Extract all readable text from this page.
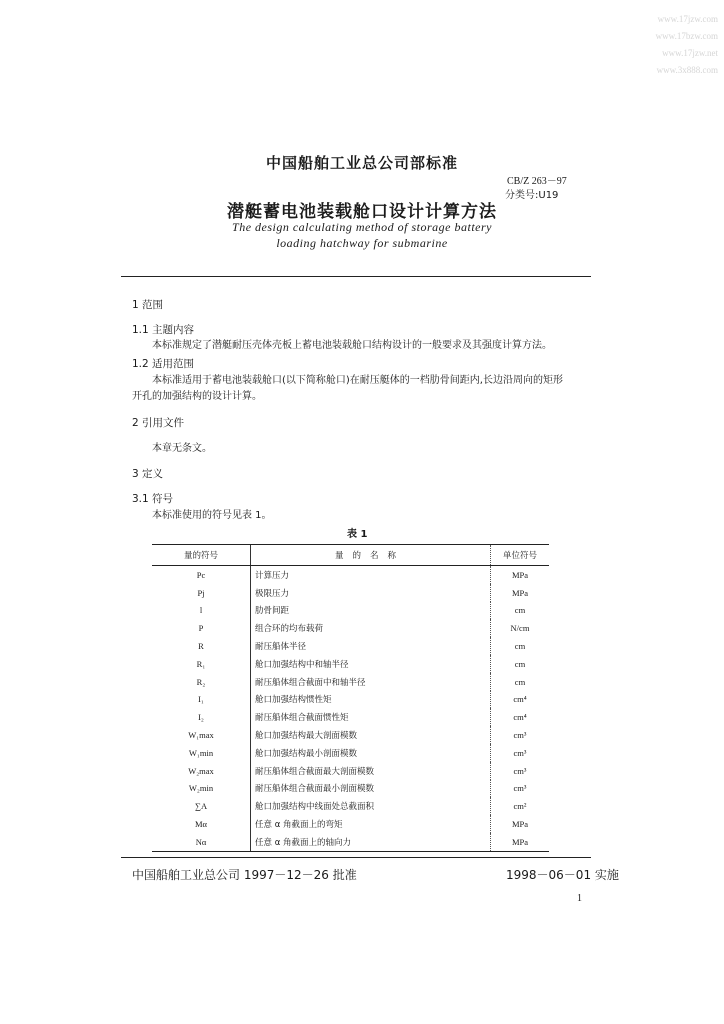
www.17jzw.com
www.17bzw.com
www.17jzw.net
www.3x888.com
中国船舶工业总公司部标准
CB/Z 263－97
分类号:U19
潜艇蓄电池装载舱口设计计算方法
The design calculating method of storage battery
loading hatchway for submarine
1 范围
1.1 主题内容
本标准规定了潜艇耐压壳体壳板上蓄电池装载舱口结构设计的一般要求及其强度计算方法。
1.2 适用范围
本标准适用于蓄电池装载舱口(以下简称舱口)在耐压艇体的一档肋骨间距内,长边沿周向的矩形
开孔的加强结构的设计计算。
2 引用文件
本章无条文。
3 定义
3.1 符号
本标准使用的符号见表 1。
表 1
量的符号	量的名称	单位符号
Pc	计算压力	MPa
Pj	极限压力	MPa
l	肋骨间距	cm
P	组合环的均布载荷	N/cm
R	耐压船体半径	cm
R₁	舱口加强结构中和轴半径	cm
R₂	耐压船体组合截面中和轴半径	cm
I₁	舱口加强结构惯性矩	cm⁴
I₂	耐压船体组合截面惯性矩	cm⁴
W₁max	舱口加强结构最大剖面模数	cm³
W₁min	舱口加强结构最小剖面模数	cm³
W₂max	耐压船体组合截面最大剖面模数	cm³
W₂min	耐压船体组合截面最小剖面模数	cm³
∑A	舱口加强结构中线面处总截面积	cm²
Mα	任意 α 角截面上的弯矩	MPa
Nα	任意 α 角截面上的轴向力	MPa
中国船舶工业总公司 1997－12－26 批准	1998－06－01 实施
1
